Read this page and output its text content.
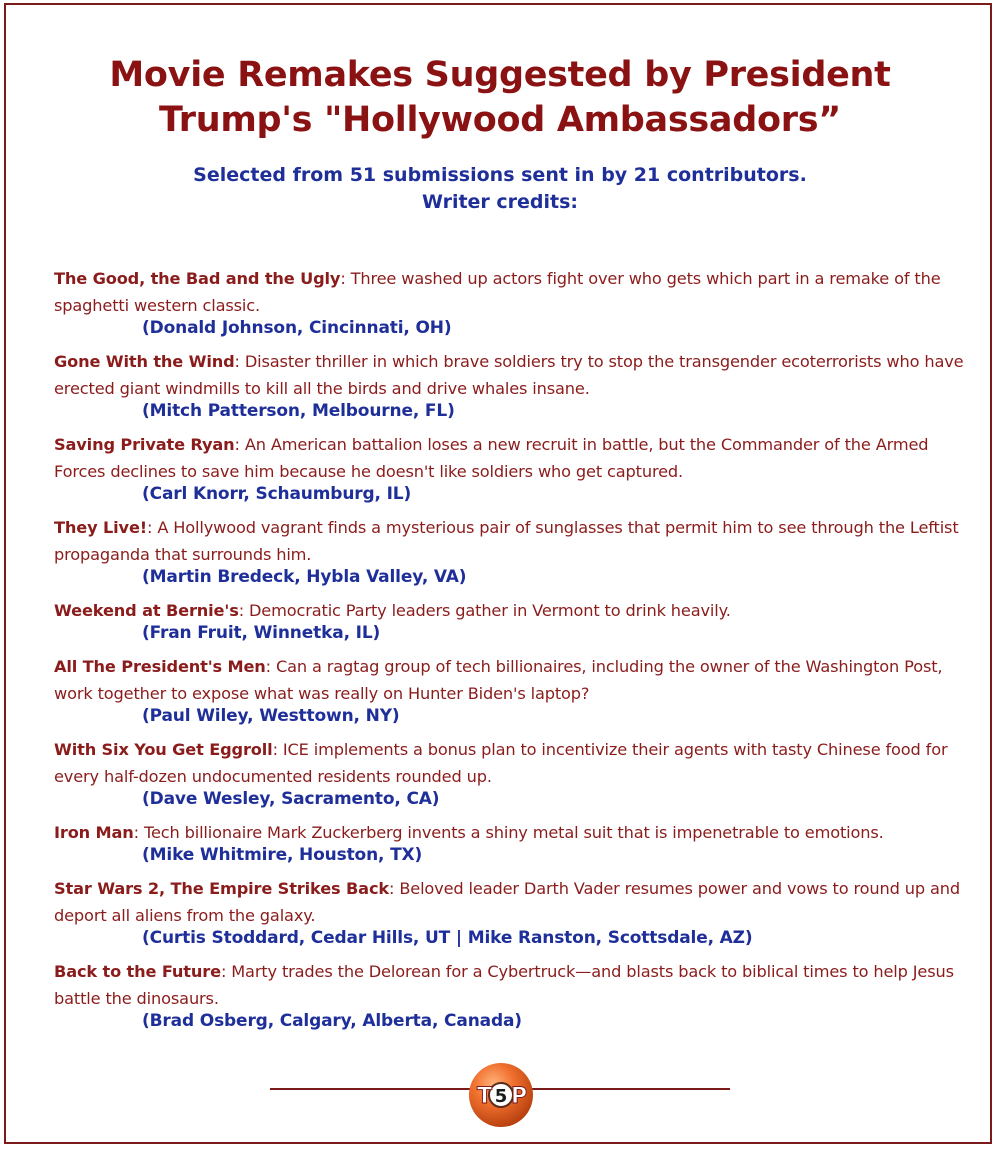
Movie Remakes Suggested by President
Trump's "Hollywood Ambassadors”
Selected from 51 submissions sent in by 21 contributors.
Writer credits:
The Good, the Bad and the Ugly: Three washed up actors fight over who gets which part in a remake of the spaghetti western classic.
(Donald Johnson, Cincinnati, OH)
Gone With the Wind: Disaster thriller in which brave soldiers try to stop the transgender ecoterrorists who have erected giant windmills to kill all the birds and drive whales insane.
(Mitch Patterson, Melbourne, FL)
Saving Private Ryan: An American battalion loses a new recruit in battle, but the Commander of the Armed Forces declines to save him because he doesn't like soldiers who get captured.
(Carl Knorr, Schaumburg, IL)
They Live!: A Hollywood vagrant finds a mysterious pair of sunglasses that permit him to see through the Leftist propaganda that surrounds him.
(Martin Bredeck, Hybla Valley, VA)
Weekend at Bernie's: Democratic Party leaders gather in Vermont to drink heavily.
(Fran Fruit, Winnetka, IL)
All The President's Men: Can a ragtag group of tech billionaires, including the owner of the Washington Post, work together to expose what was really on Hunter Biden's laptop?
(Paul Wiley, Westtown, NY)
With Six You Get Eggroll: ICE implements a bonus plan to incentivize their agents with tasty Chinese food for every half-dozen undocumented residents rounded up.
(Dave Wesley, Sacramento, CA)
Iron Man: Tech billionaire Mark Zuckerberg invents a shiny metal suit that is impenetrable to emotions.
(Mike Whitmire, Houston, TX)
Star Wars 2, The Empire Strikes Back: Beloved leader Darth Vader resumes power and vows to round up and deport all aliens from the galaxy.
(Curtis Stoddard, Cedar Hills, UT | Mike Ranston, Scottsdale, AZ)
Back to the Future: Marty trades the Delorean for a Cybertruck—and blasts back to biblical times to help Jesus battle the dinosaurs.
(Brad Osberg, Calgary, Alberta, Canada)
T 5 P
